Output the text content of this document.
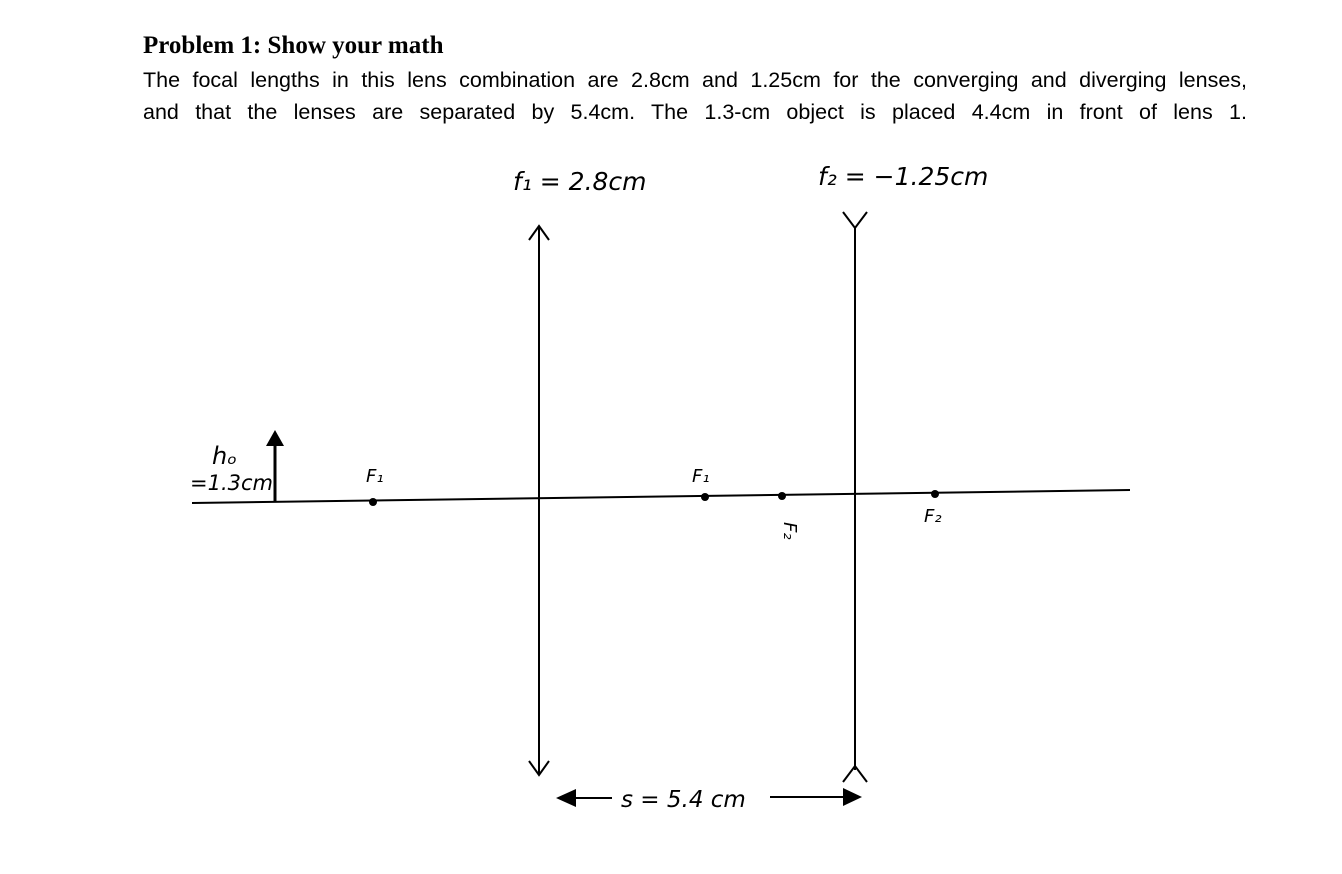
Problem 1: Show your math
The focal lengths in this lens combination are 2.8cm and 1.25cm for the converging and diverging lenses,
and that the lenses are separated by 5.4cm. The 1.3-cm object is placed 4.4cm in front of lens 1.
f₁ = 2.8cm	f₂ = −1.25cm
hₒ
=1.3cm	F₁	F₁
F₂
F₂
s = 5.4 cm
